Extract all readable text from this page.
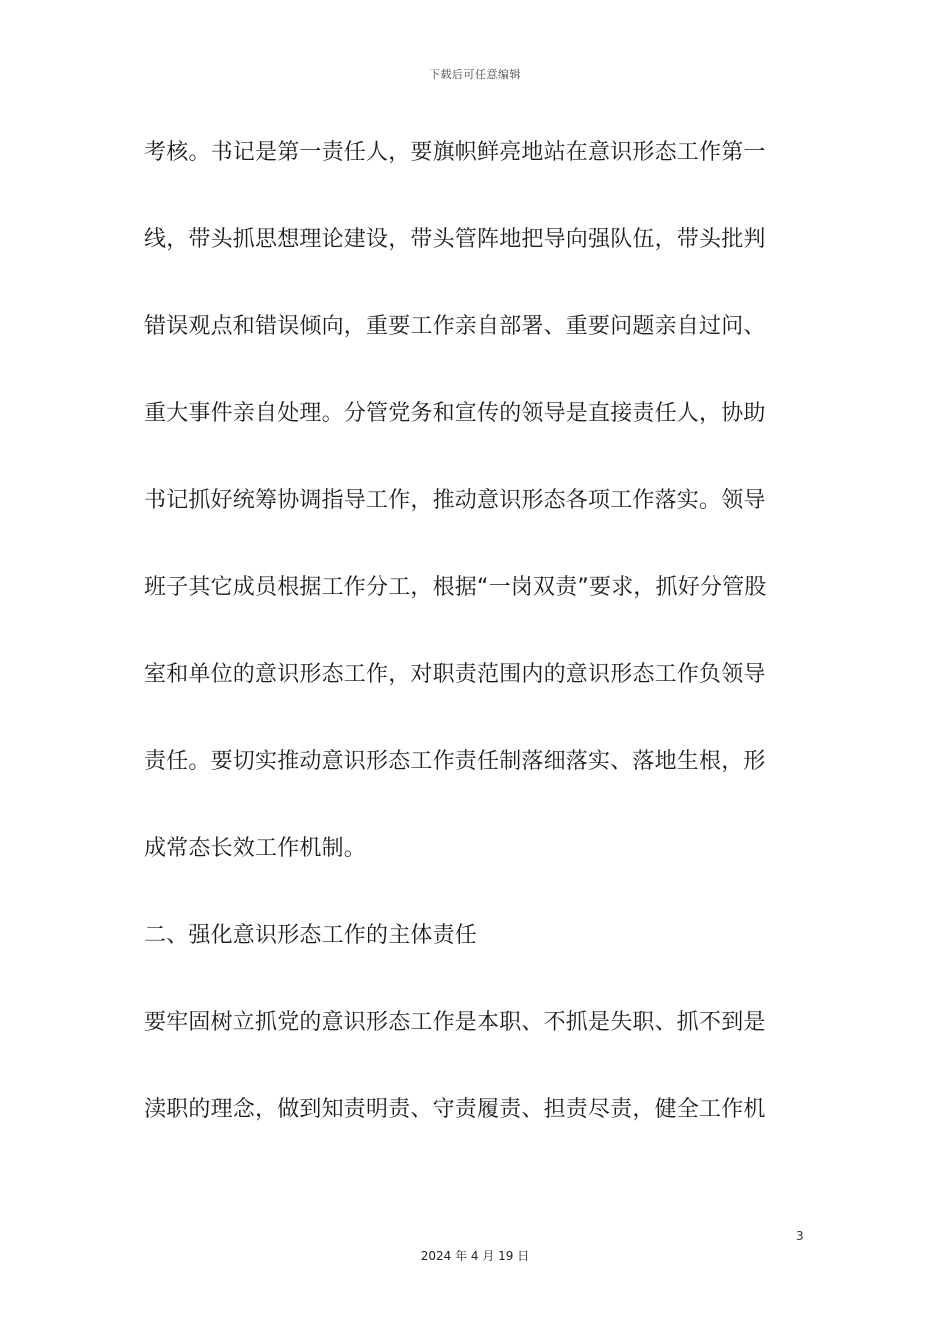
下载后可任意编辑
考核。书记是第一责任人，要旗帜鲜亮地站在意识形态工作第一
线，带头抓思想理论建设，带头管阵地把导向强队伍，带头批判
错误观点和错误倾向，重要工作亲自部署、重要问题亲自过问、
重大事件亲自处理。分管党务和宣传的领导是直接责任人，协助
书记抓好统筹协调指导工作，推动意识形态各项工作落实。领导
班子其它成员根据工作分工，根据“一岗双责”要求，抓好分管股
室和单位的意识形态工作，对职责范围内的意识形态工作负领导
责任。要切实推动意识形态工作责任制落细落实、落地生根，形
成常态长效工作机制。
二、强化意识形态工作的主体责任
要牢固树立抓党的意识形态工作是本职、不抓是失职、抓不到是
渎职的理念，做到知责明责、守责履责、担责尽责，健全工作机
3
2024 年 4 月 19 日
